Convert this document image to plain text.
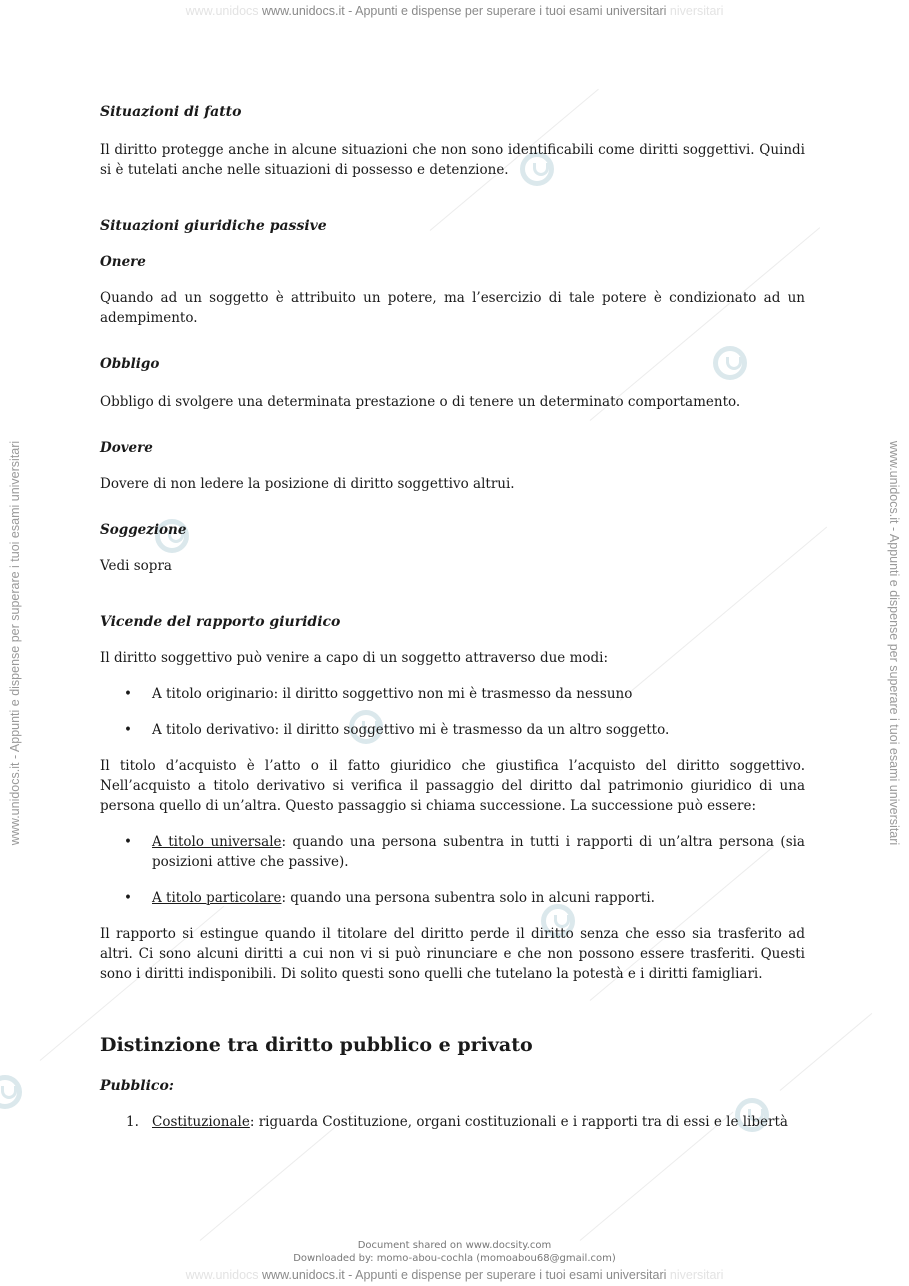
www.unidocs www.unidocs.it - Appunti e dispense per superare i tuoi esami universitari niversitari
www.unidocs.it - Appunti e dispense per superare i tuoi esami universitari	www.unidocs.it - Appunti e dispense per superare i tuoi esami universitari

Situazioni di fatto

Il diritto protegge anche in alcune situazioni che non sono identificabili come diritti soggettivi. Quindi si è tutelati anche nelle situazioni di possesso e detenzione.

Situazioni giuridiche passive

Onere

Quando ad un soggetto è attribuito un potere, ma l’esercizio di tale potere è condizionato ad un adempimento.

Obbligo

Obbligo di svolgere una determinata prestazione o di tenere un determinato comportamento.

Dovere

Dovere di non ledere la posizione di diritto soggettivo altrui.

Soggezione

Vedi sopra

Vicende del rapporto giuridico

Il diritto soggettivo può venire a capo di un soggetto attraverso due modi:

• A titolo originario: il diritto soggettivo non mi è trasmesso da nessuno
• A titolo derivativo: il diritto soggettivo mi è trasmesso da un altro soggetto.

Il titolo d’acquisto è l’atto o il fatto giuridico che giustifica l’acquisto del diritto soggettivo. Nell’acquisto a titolo derivativo si verifica il passaggio del diritto dal patrimonio giuridico di una persona quello di un’altra. Questo passaggio si chiama successione. La successione può essere:

• A titolo universale: quando una persona subentra in tutti i rapporti di un’altra persona (sia posizioni attive che passive).
• A titolo particolare: quando una persona subentra solo in alcuni rapporti.

Il rapporto si estingue quando il titolare del diritto perde il diritto senza che esso sia trasferito ad altri. Ci sono alcuni diritti a cui non vi si può rinunciare e che non possono essere trasferiti. Questi sono i diritti indisponibili. Di solito questi sono quelli che tutelano la potestà e i diritti famigliari.

Distinzione tra diritto pubblico e privato

Pubblico:

1. Costituzionale: riguarda Costituzione, organi costituzionali e i rapporti tra di essi e le libertà
Document shared on www.docsity.com
Downloaded by: momo-abou-cochla (momoabou68@gmail.com)
www.unidocs www.unidocs.it - Appunti e dispense per superare i tuoi esami universitari niversitari
